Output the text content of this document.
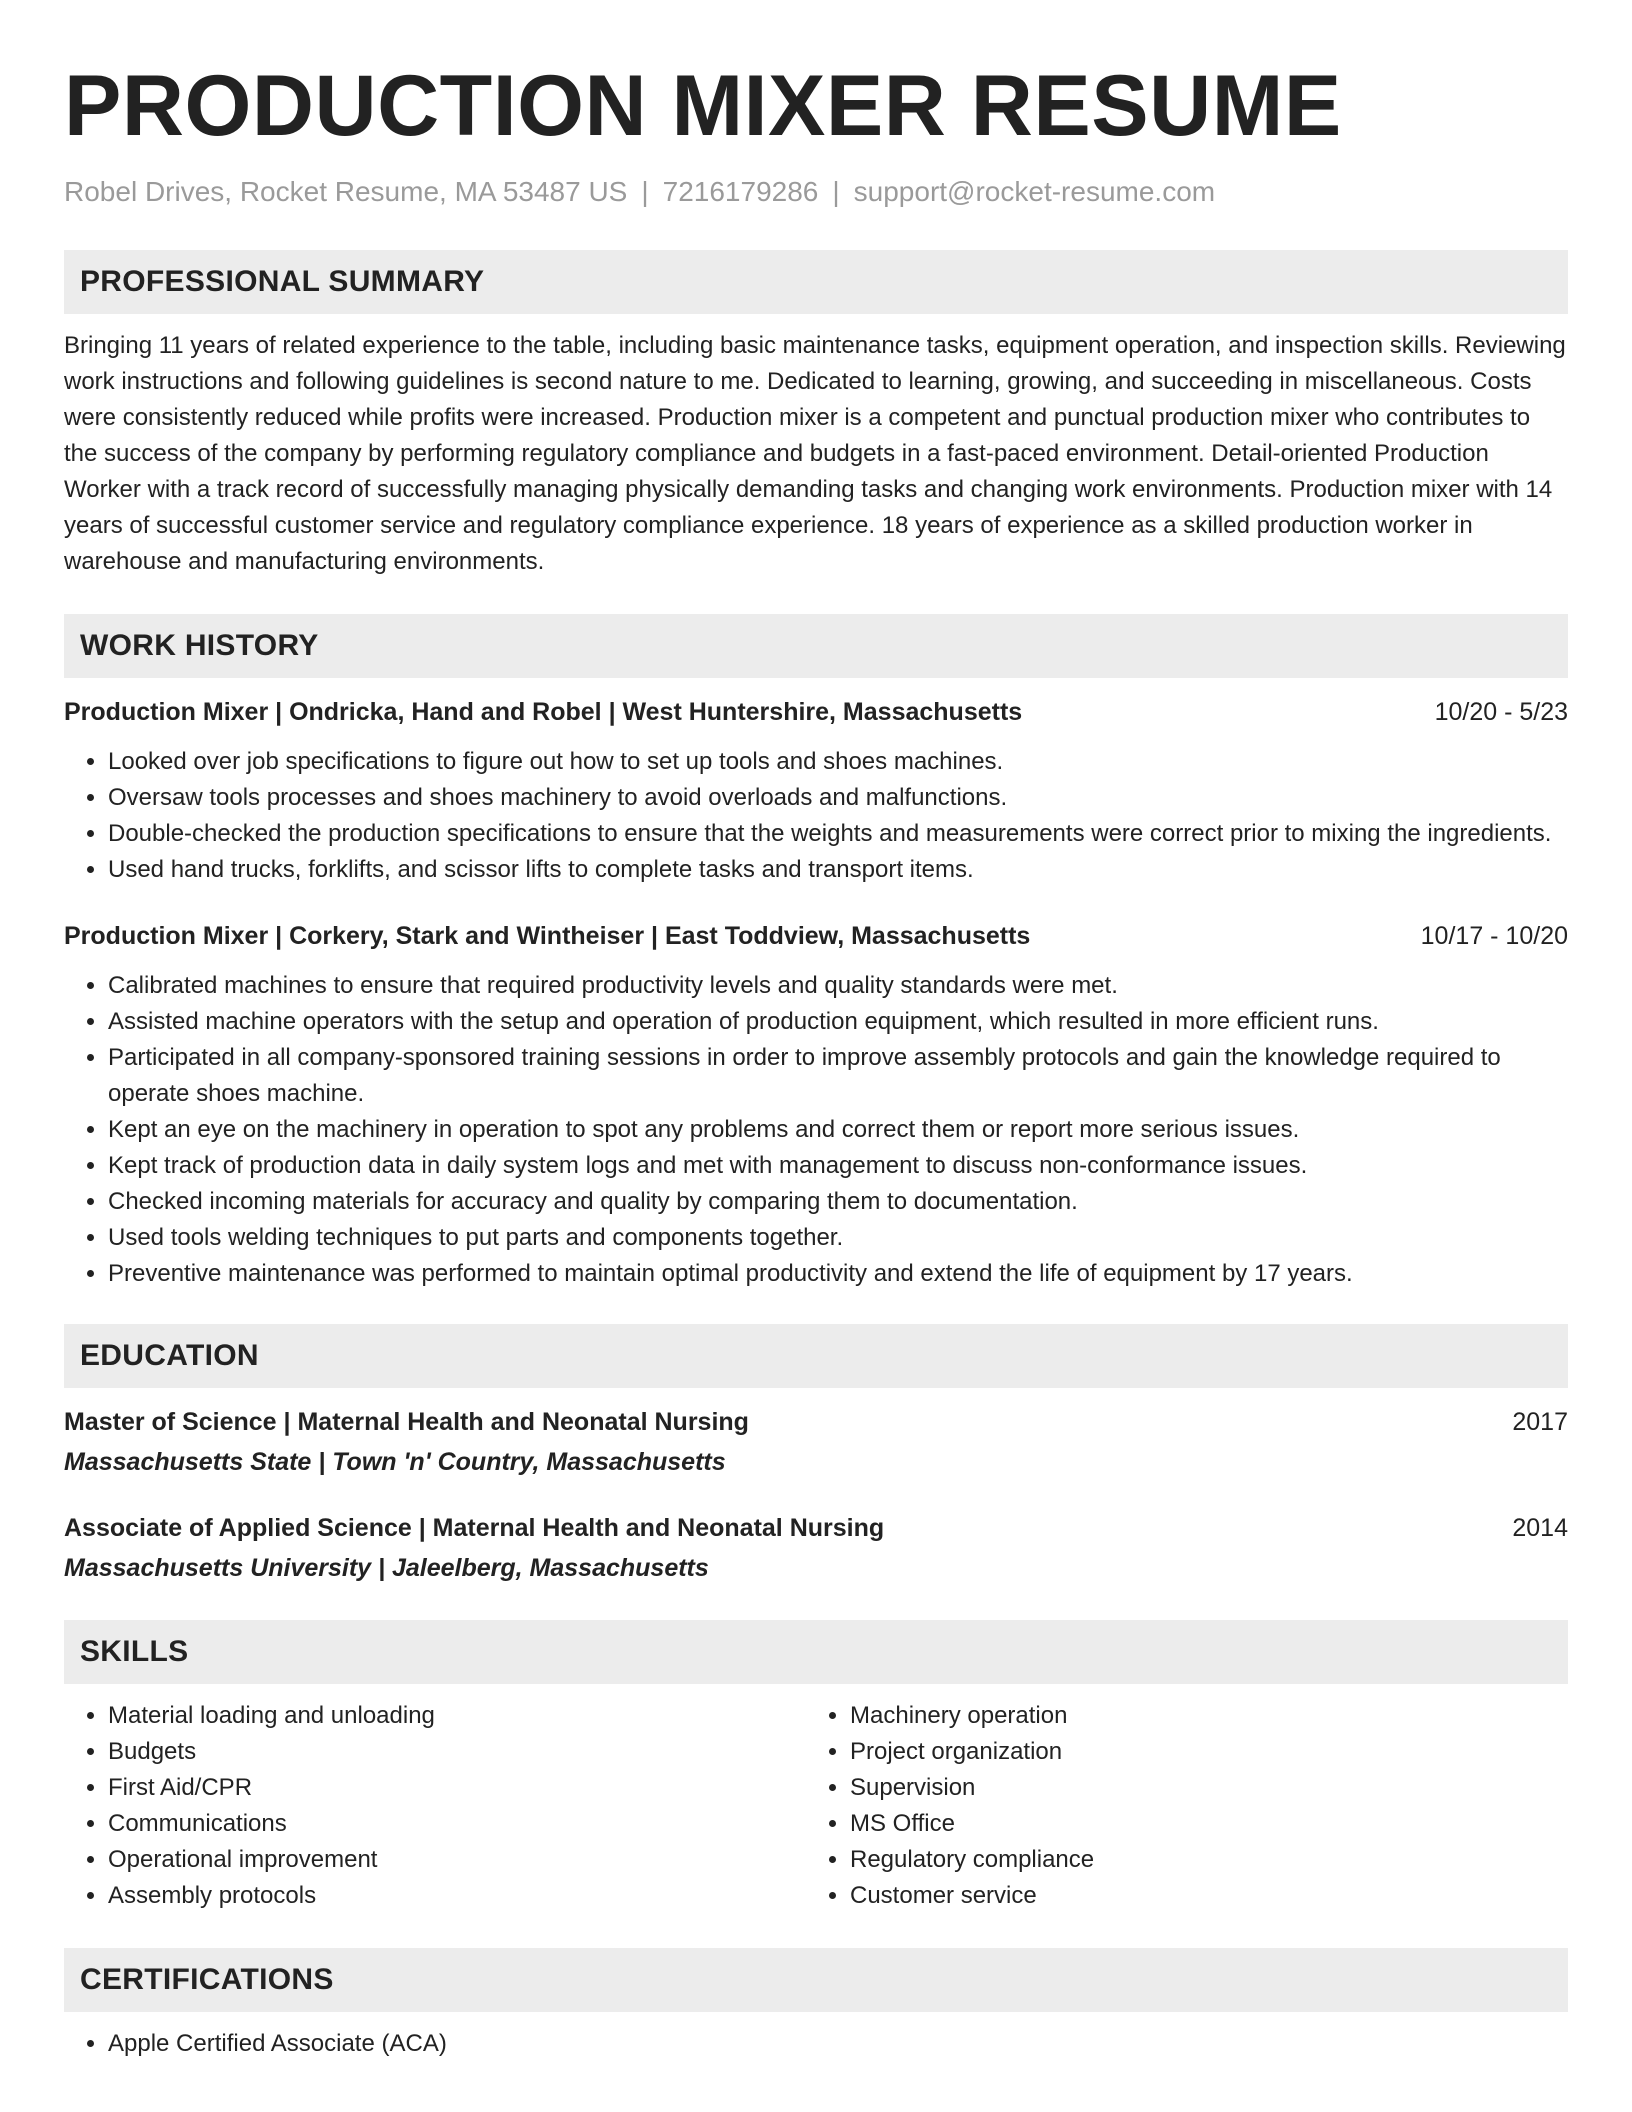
PRODUCTION MIXER RESUME
Robel Drives, Rocket Resume, MA 53487 US | 7216179286 | support@rocket-resume.com
PROFESSIONAL SUMMARY
Bringing 11 years of related experience to the table, including basic maintenance tasks, equipment operation, and inspection skills. Reviewing work instructions and following guidelines is second nature to me. Dedicated to learning, growing, and succeeding in miscellaneous. Costs were consistently reduced while profits were increased. Production mixer is a competent and punctual production mixer who contributes to the success of the company by performing regulatory compliance and budgets in a fast-paced environment. Detail-oriented Production Worker with a track record of successfully managing physically demanding tasks and changing work environments. Production mixer with 14 years of successful customer service and regulatory compliance experience. 18 years of experience as a skilled production worker in warehouse and manufacturing environments.
WORK HISTORY
Production Mixer | Ondricka, Hand and Robel | West Huntershire, Massachusetts	10/20 - 5/23
• Looked over job specifications to figure out how to set up tools and shoes machines.
• Oversaw tools processes and shoes machinery to avoid overloads and malfunctions.
• Double-checked the production specifications to ensure that the weights and measurements were correct prior to mixing the ingredients.
• Used hand trucks, forklifts, and scissor lifts to complete tasks and transport items.
Production Mixer | Corkery, Stark and Wintheiser | East Toddview, Massachusetts	10/17 - 10/20
• Calibrated machines to ensure that required productivity levels and quality standards were met.
• Assisted machine operators with the setup and operation of production equipment, which resulted in more efficient runs.
• Participated in all company-sponsored training sessions in order to improve assembly protocols and gain the knowledge required to operate shoes machine.
• Kept an eye on the machinery in operation to spot any problems and correct them or report more serious issues.
• Kept track of production data in daily system logs and met with management to discuss non-conformance issues.
• Checked incoming materials for accuracy and quality by comparing them to documentation.
• Used tools welding techniques to put parts and components together.
• Preventive maintenance was performed to maintain optimal productivity and extend the life of equipment by 17 years.
EDUCATION
Master of Science | Maternal Health and Neonatal Nursing	2017
Massachusetts State | Town 'n' Country, Massachusetts
Associate of Applied Science | Maternal Health and Neonatal Nursing	2014
Massachusetts University | Jaleelberg, Massachusetts
SKILLS
• Material loading and unloading
• Budgets
• First Aid/CPR
• Communications
• Operational improvement
• Assembly protocols
• Machinery operation
• Project organization
• Supervision
• MS Office
• Regulatory compliance
• Customer service
CERTIFICATIONS
• Apple Certified Associate (ACA)
